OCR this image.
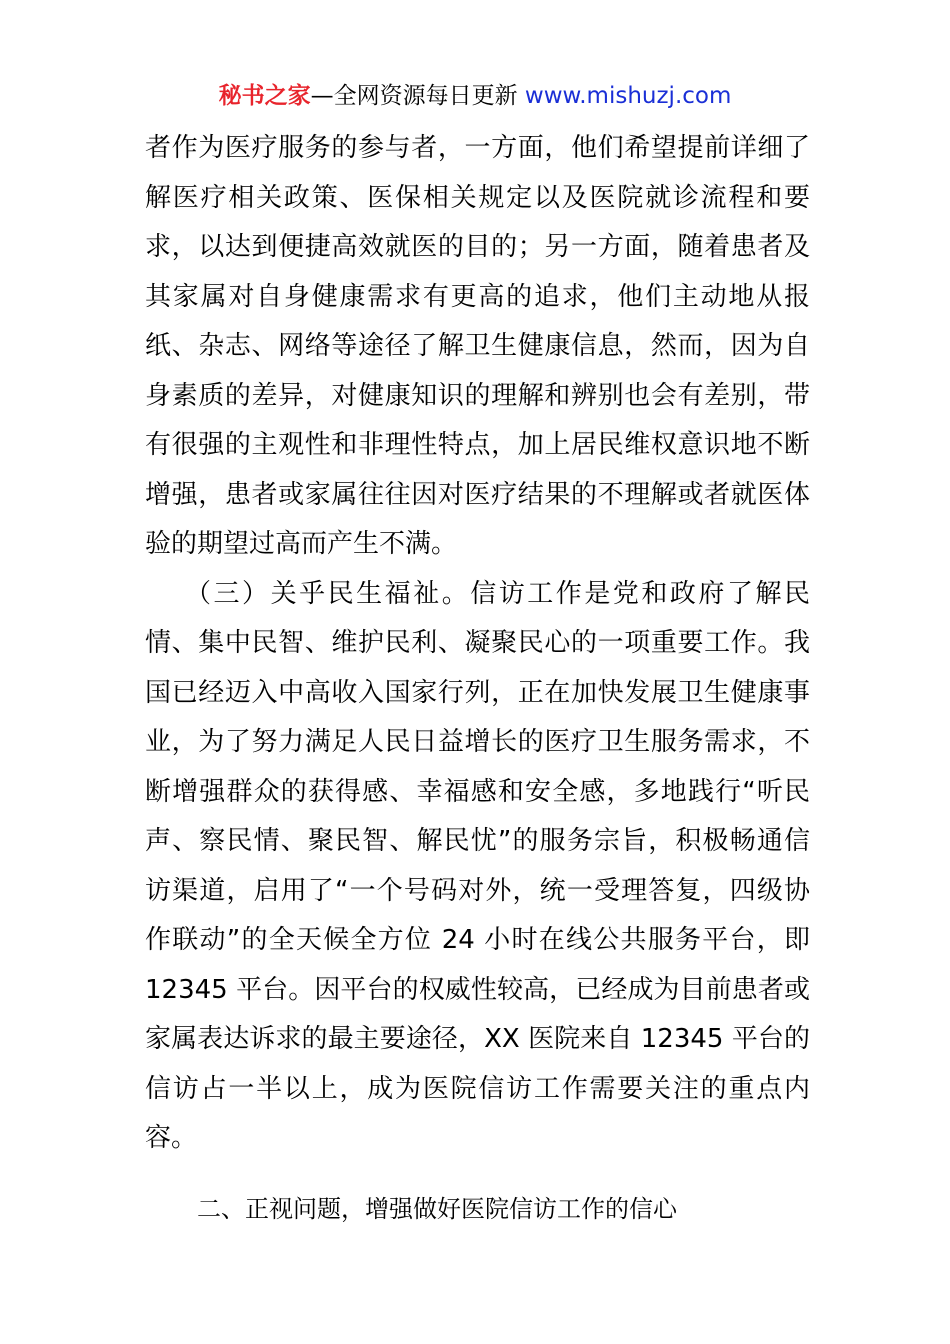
秘书之家—全网资源每日更新 www.mishuzj.com
者作为医疗服务的参与者，一方面，他们希望提前详细了
解医疗相关政策、医保相关规定以及医院就诊流程和要
求，以达到便捷高效就医的目的；另一方面，随着患者及
其家属对自身健康需求有更高的追求，他们主动地从报
纸、杂志、网络等途径了解卫生健康信息，然而，因为自
身素质的差异，对健康知识的理解和辨别也会有差别，带
有很强的主观性和非理性特点，加上居民维权意识地不断
增强，患者或家属往往因对医疗结果的不理解或者就医体
验的期望过高而产生不满。
（三）关乎民生福祉。信访工作是党和政府了解民
情、集中民智、维护民利、凝聚民心的一项重要工作。我
国已经迈入中高收入国家行列，正在加快发展卫生健康事
业，为了努力满足人民日益增长的医疗卫生服务需求，不
断增强群众的获得感、幸福感和安全感，多地践行“听民
声、察民情、聚民智、解民忧”的服务宗旨，积极畅通信
访渠道，启用了“一个号码对外，统一受理答复，四级协
作联动”的全天候全方位 24 小时在线公共服务平台，即
12345 平台。因平台的权威性较高，已经成为目前患者或
家属表达诉求的最主要途径，XX 医院来自 12345 平台的
信访占一半以上，成为医院信访工作需要关注的重点内
容。
二、正视问题，增强做好医院信访工作的信心
